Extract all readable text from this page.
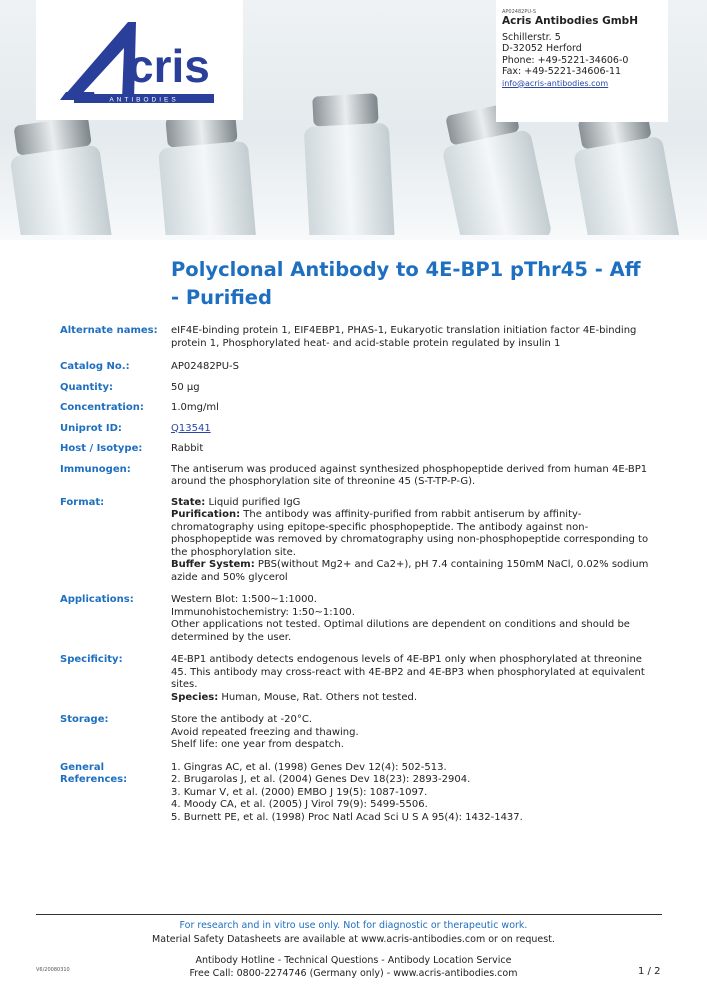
cris
ANTIBODIES
AP02482PU-S
Acris Antibodies GmbH
Schillerstr. 5
D-32052 Herford
Phone: +49-5221-34606-0
Fax: +49-5221-34606-11
info@acris-antibodies.com
Polyclonal Antibody to 4E-BP1 pThr45 - Aff - Purified
Alternate names:	eIF4E-binding protein 1, EIF4EBP1, PHAS-1, Eukaryotic translation initiation factor 4E-binding protein 1, Phosphorylated heat- and acid-stable protein regulated by insulin 1
Catalog No.:	AP02482PU-S
Quantity:	50 µg
Concentration:	1.0mg/ml
Uniprot ID:	Q13541
Host / Isotype:	Rabbit
Immunogen:	The antiserum was produced against synthesized phosphopeptide derived from human 4E-BP1 around the phosphorylation site of threonine 45 (S-T-TP-P-G).
Format:	State: Liquid purified IgG
Purification: The antibody was affinity-purified from rabbit antiserum by affinity-chromatography using epitope-specific phosphopeptide. The antibody against non-phosphopeptide was removed by chromatography using non-phosphopeptide corresponding to the phosphorylation site.
Buffer System: PBS(without Mg2+ and Ca2+), pH 7.4 containing 150mM NaCl, 0.02% sodium azide and 50% glycerol
Applications:	Western Blot: 1:500~1:1000.
Immunohistochemistry: 1:50~1:100.
Other applications not tested. Optimal dilutions are dependent on conditions and should be determined by the user.
Specificity:	4E-BP1 antibody detects endogenous levels of 4E-BP1 only when phosphorylated at threonine 45. This antibody may cross-react with 4E-BP2 and 4E-BP3 when phosphorylated at equivalent sites.
Species: Human, Mouse, Rat. Others not tested.
Storage:	Store the antibody at -20°C.
Avoid repeated freezing and thawing.
Shelf life: one year from despatch.
General References:
1. Gingras AC, et al. (1998) Genes Dev 12(4): 502-513.
2. Brugarolas J, et al. (2004) Genes Dev 18(23): 2893-2904.
3. Kumar V, et al. (2000) EMBO J 19(5): 1087-1097.
4. Moody CA, et al. (2005) J Virol 79(9): 5499-5506.
5. Burnett PE, et al. (1998) Proc Natl Acad Sci U S A 95(4): 1432-1437.
For research and in vitro use only. Not for diagnostic or therapeutic work.
Material Safety Datasheets are available at www.acris-antibodies.com or on request.
Antibody Hotline - Technical Questions - Antibody Location Service
Free Call: 0800-2274746 (Germany only) - www.acris-antibodies.com
V6/20080310	1 / 2
